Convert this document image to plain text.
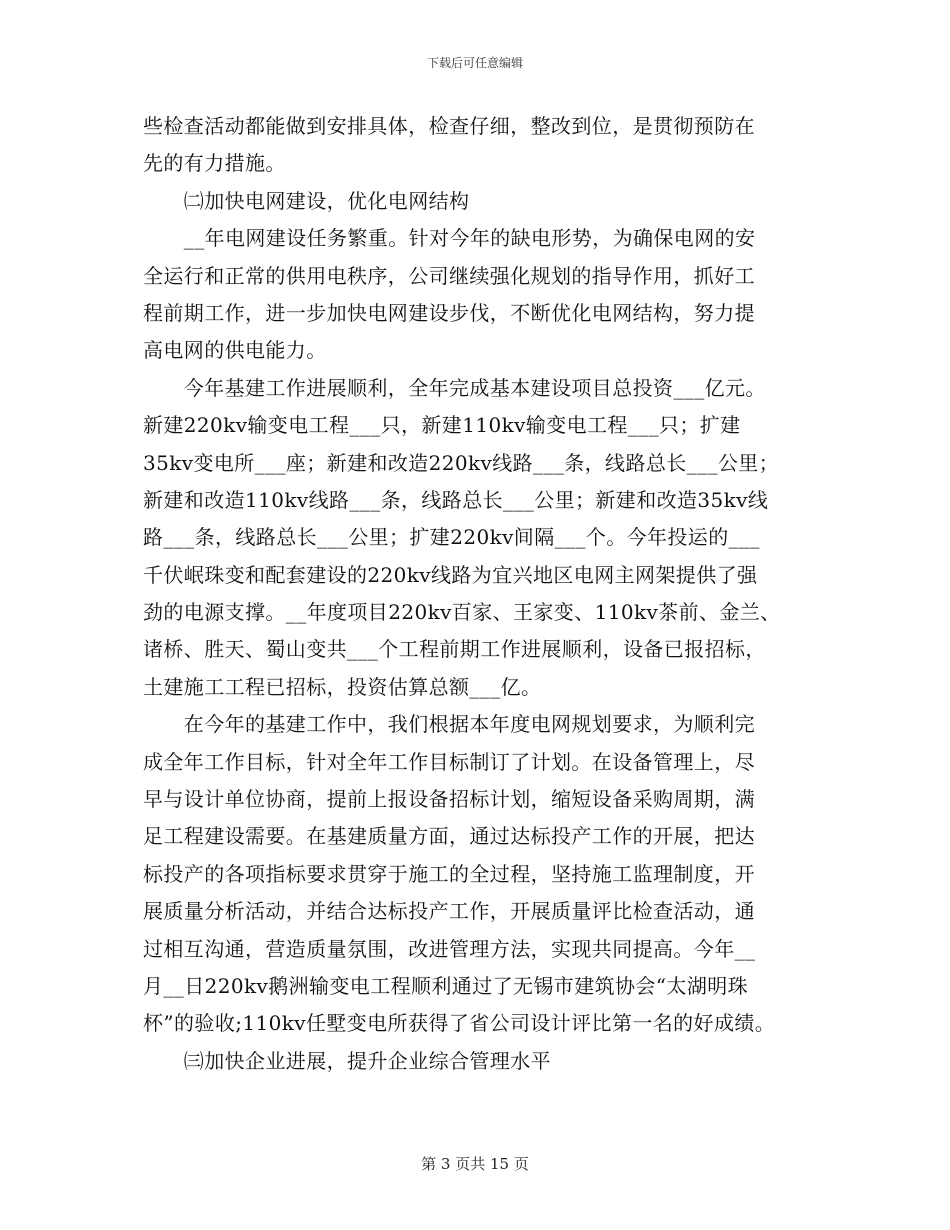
下载后可任意编辑
些检查活动都能做到安排具体，检查仔细，整改到位，是贯彻预防在
先的有力措施。
　　㈡加快电网建设，优化电网结构
　　__年电网建设任务繁重。针对今年的缺电形势，为确保电网的安
全运行和正常的供用电秩序，公司继续强化规划的指导作用，抓好工
程前期工作，进一步加快电网建设步伐，不断优化电网结构，努力提
高电网的供电能力。
　　今年基建工作进展顺利，全年完成基本建设项目总投资___亿元。
新建220kv输变电工程___只，新建110kv输变电工程___只；扩建
35kv变电所___座；新建和改造220kv线路___条，线路总长___公里；
新建和改造110kv线路___条，线路总长___公里；新建和改造35kv线
路___条，线路总长___公里；扩建220kv间隔___个。今年投运的___
千伏岷珠变和配套建设的220kv线路为宜兴地区电网主网架提供了强
劲的电源支撑。__年度项目220kv百家、王家变、110kv茶前、金兰、
诸桥、胜天、蜀山变共___个工程前期工作进展顺利，设备已报招标，
土建施工工程已招标，投资估算总额___亿。
　　在今年的基建工作中，我们根据本年度电网规划要求，为顺利完
成全年工作目标，针对全年工作目标制订了计划。在设备管理上，尽
早与设计单位协商，提前上报设备招标计划，缩短设备采购周期，满
足工程建设需要。在基建质量方面，通过达标投产工作的开展，把达
标投产的各项指标要求贯穿于施工的全过程，坚持施工监理制度，开
展质量分析活动，并结合达标投产工作，开展质量评比检查活动，通
过相互沟通，营造质量氛围，改进管理方法，实现共同提高。今年__
月__日220kv鹅洲输变电工程顺利通过了无锡市建筑协会“太湖明珠
杯”的验收;110kv任墅变电所获得了省公司设计评比第一名的好成绩。
　　㈢加快企业进展，提升企业综合管理水平
第 3 页共 15 页
